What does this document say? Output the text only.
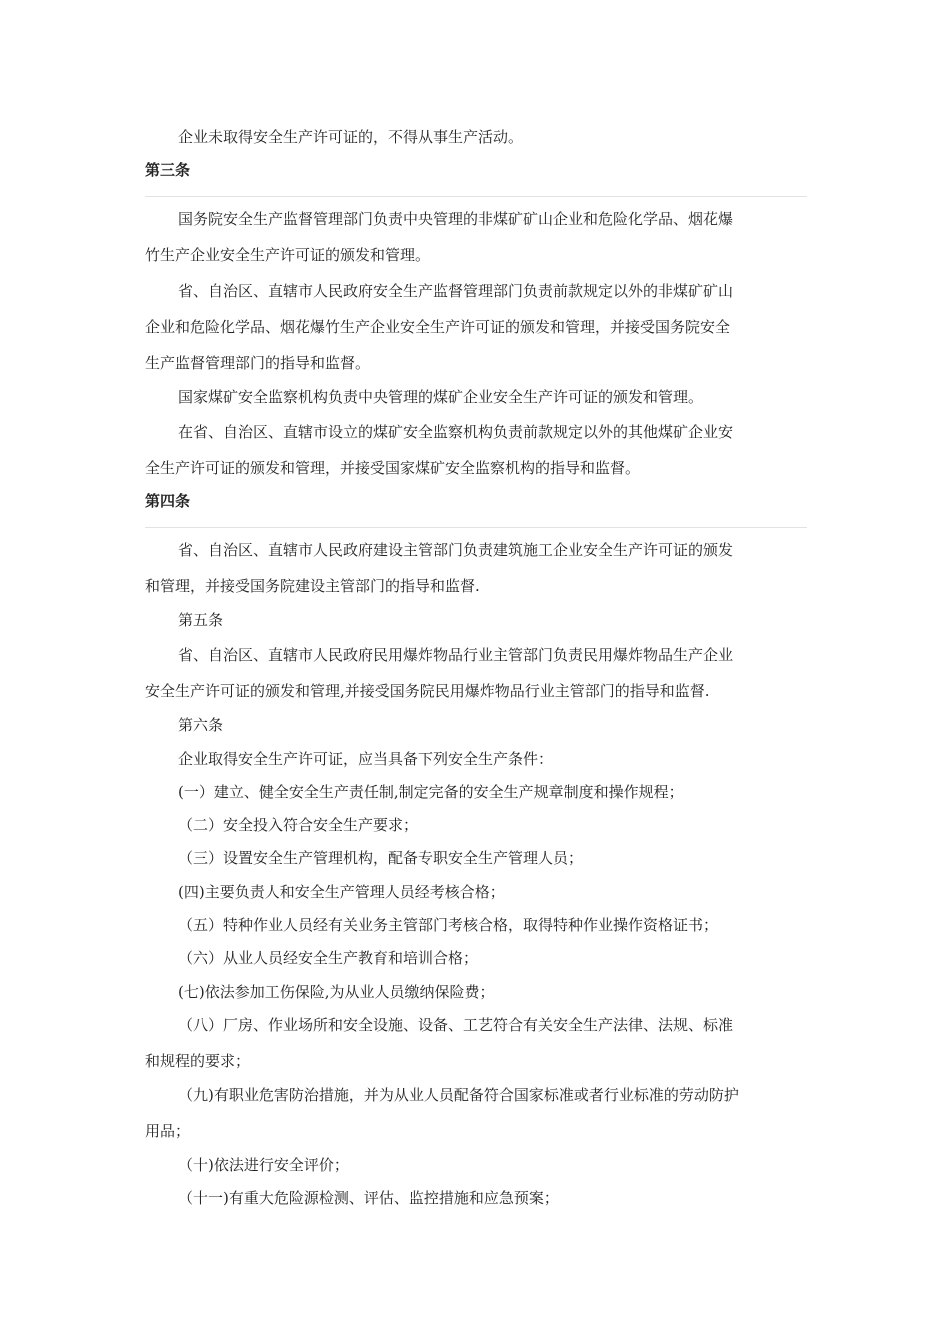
企业未取得安全生产许可证的，不得从事生产活动。
第三条
国务院安全生产监督管理部门负责中央管理的非煤矿矿山企业和危险化学品、烟花爆
竹生产企业安全生产许可证的颁发和管理。
省、自治区、直辖市人民政府安全生产监督管理部门负责前款规定以外的非煤矿矿山
企业和危险化学品、烟花爆竹生产企业安全生产许可证的颁发和管理，并接受国务院安全
生产监督管理部门的指导和监督。
国家煤矿安全监察机构负责中央管理的煤矿企业安全生产许可证的颁发和管理。
在省、自治区、直辖市设立的煤矿安全监察机构负责前款规定以外的其他煤矿企业安
全生产许可证的颁发和管理，并接受国家煤矿安全监察机构的指导和监督。
第四条
省、自治区、直辖市人民政府建设主管部门负责建筑施工企业安全生产许可证的颁发
和管理，并接受国务院建设主管部门的指导和监督.
第五条
省、自治区、直辖市人民政府民用爆炸物品行业主管部门负责民用爆炸物品生产企业
安全生产许可证的颁发和管理,并接受国务院民用爆炸物品行业主管部门的指导和监督.
第六条
企业取得安全生产许可证，应当具备下列安全生产条件：
(一）建立、健全安全生产责任制,制定完备的安全生产规章制度和操作规程；
（二）安全投入符合安全生产要求；
（三）设置安全生产管理机构，配备专职安全生产管理人员；
(四)主要负责人和安全生产管理人员经考核合格；
（五）特种作业人员经有关业务主管部门考核合格，取得特种作业操作资格证书；
（六）从业人员经安全生产教育和培训合格；
(七)依法参加工伤保险,为从业人员缴纳保险费；
（八）厂房、作业场所和安全设施、设备、工艺符合有关安全生产法律、法规、标准
和规程的要求；
（九)有职业危害防治措施，并为从业人员配备符合国家标准或者行业标准的劳动防护
用品；
（十)依法进行安全评价；
（十一)有重大危险源检测、评估、监控措施和应急预案；
